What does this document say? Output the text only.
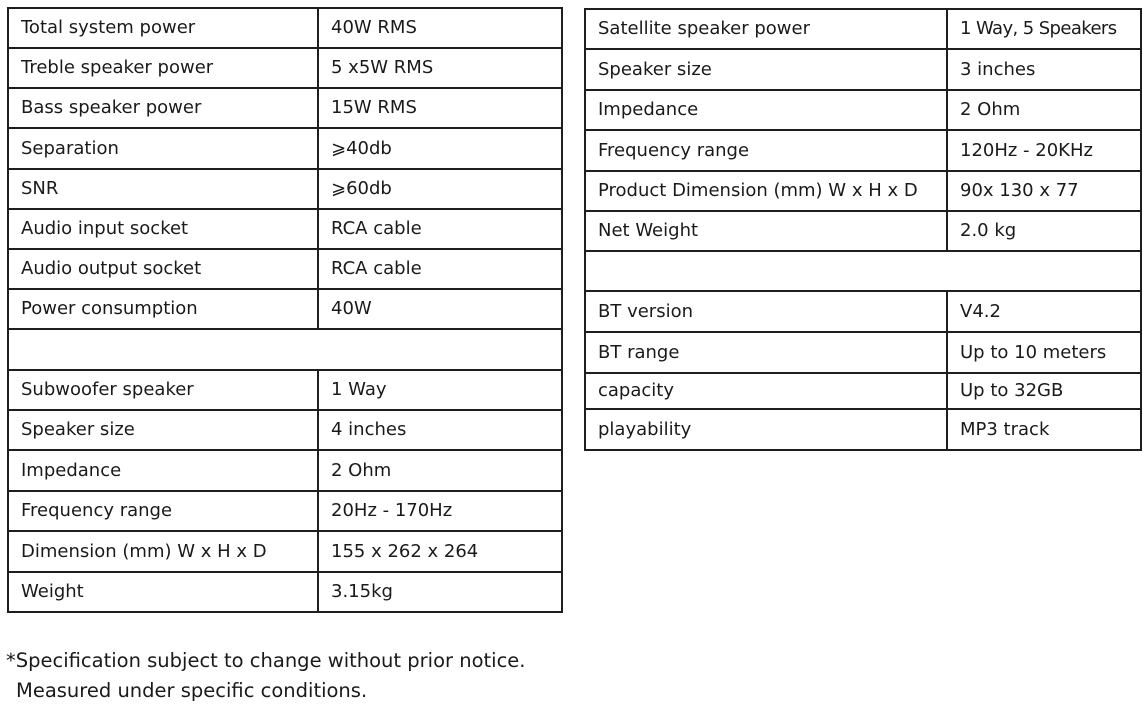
Total system power	40W RMS
Treble speaker power	5 x5W RMS
Bass speaker power	15W RMS
Separation	⩾40db
SNR	⩾60db
Audio input socket	RCA cable
Audio output socket	RCA cable
Power consumption	40W

Subwoofer speaker	1 Way
Speaker size	4 inches
Impedance	2 Ohm
Frequency range	20Hz - 170Hz
Dimension (mm) W x H x D	155 x 262 x 264
Weight	3.15kg
Satellite speaker power	1 Way, 5 Speakers
Speaker size	3 inches
Impedance	2 Ohm
Frequency range	120Hz - 20KHz
Product Dimension (mm) W x H x D	90x 130 x 77
Net Weight	2.0 kg

BT version	V4.2
BT range	Up to 10 meters
capacity	Up to 32GB
playability	MP3 track
*Specification subject to change without prior notice.
Measured under specific conditions.
